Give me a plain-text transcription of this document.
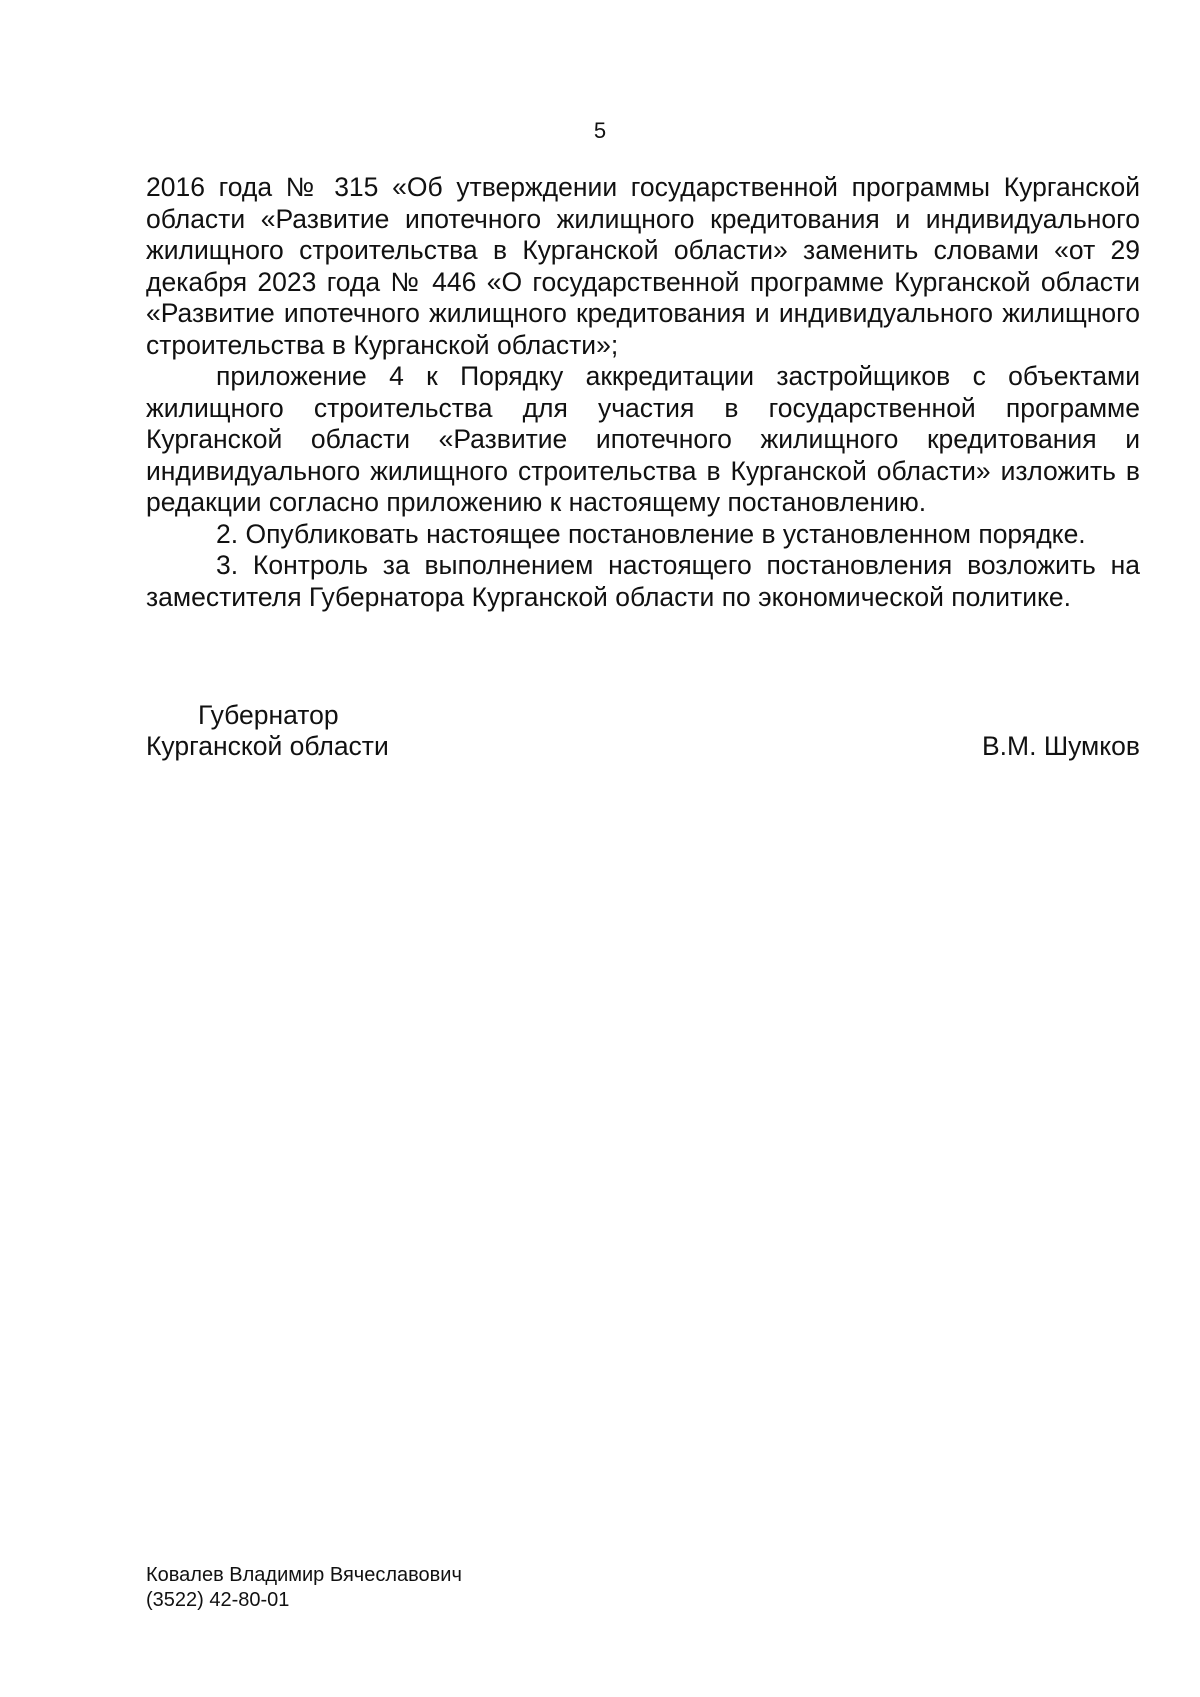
5

2016 года № 315 «Об утверждении государственной программы Курганской области «Развитие ипотечного жилищного кредитования и индивидуального жилищного строительства в Курганской области» заменить словами «от 29 декабря 2023 года № 446 «О государственной программе Курганской области «Развитие ипотечного жилищного кредитования и индивидуального жилищного строительства в Курганской области»;

приложение 4 к Порядку аккредитации застройщиков с объектами жилищного строительства для участия в государственной программе Курганской области «Развитие ипотечного жилищного кредитования и индивидуального жилищного строительства в Курганской области» изложить в редакции согласно приложению к настоящему постановлению.

2. Опубликовать настоящее постановление в установленном порядке.

3. Контроль за выполнением настоящего постановления возложить на заместителя Губернатора Курганской области по экономической политике.

Губернатор
Курганской области	В.М. Шумков
Ковалев Владимир Вячеславович
(3522) 42-80-01
